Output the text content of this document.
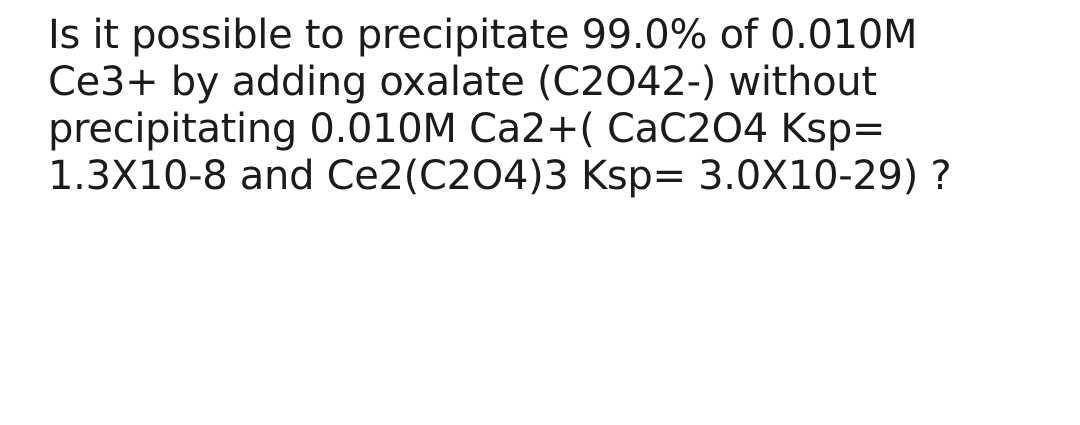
Is it possible to precipitate 99.0% of 0.010M
Ce3+ by adding oxalate (C2O42-) without
precipitating 0.010M Ca2+( CaC2O4 Ksp=
1.3X10-8 and Ce2(C2O4)3 Ksp= 3.0X10-29) ?
